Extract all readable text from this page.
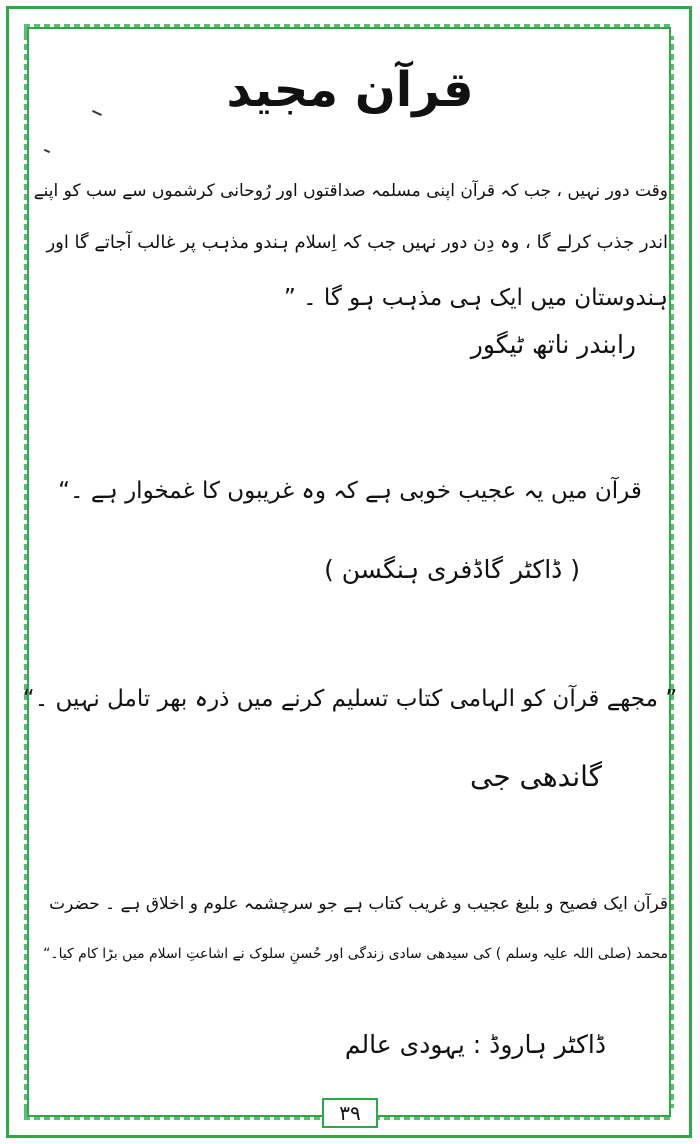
قرآن مجید
وقت دور نہیں ، جب کہ قرآن اپنی مسلمہ صداقتوں اور رُوحانی کرشموں سے سب کو اپنے
اندر جذب کرلے گا ، وہ دِن دور نہیں جب کہ اِسلام ہندو مذہب پر غالب آجاتے گا اور
ہندوستان میں ایک ہی مذہب ہو گا ۔ ”
رابندر ناتھ ٹیگور
قرآن میں یہ عجیب خوبی ہے کہ وہ غریبوں کا غمخوار ہے ۔“
( ڈاکٹر گاڈفری ہنگسن )
” مجھے قرآن کو الہامی کتاب تسلیم کرنے میں ذرہ بھر تامل نہیں ۔“
گاندھی جی
قرآن ایک فصیح و بلیغ عجیب و غریب کتاب ہے جو سرچشمہ علوم و اخلاق ہے ۔ حضرت
محمد (صلی اللہ علیہ وسلم ) کی سیدھی سادی زندگی اور حُسنِ سلوک نے اشاعتِ اسلام میں بڑا کام کیا۔“
ڈاکٹر ہاروڈ : یہودی عالم
۳۹
